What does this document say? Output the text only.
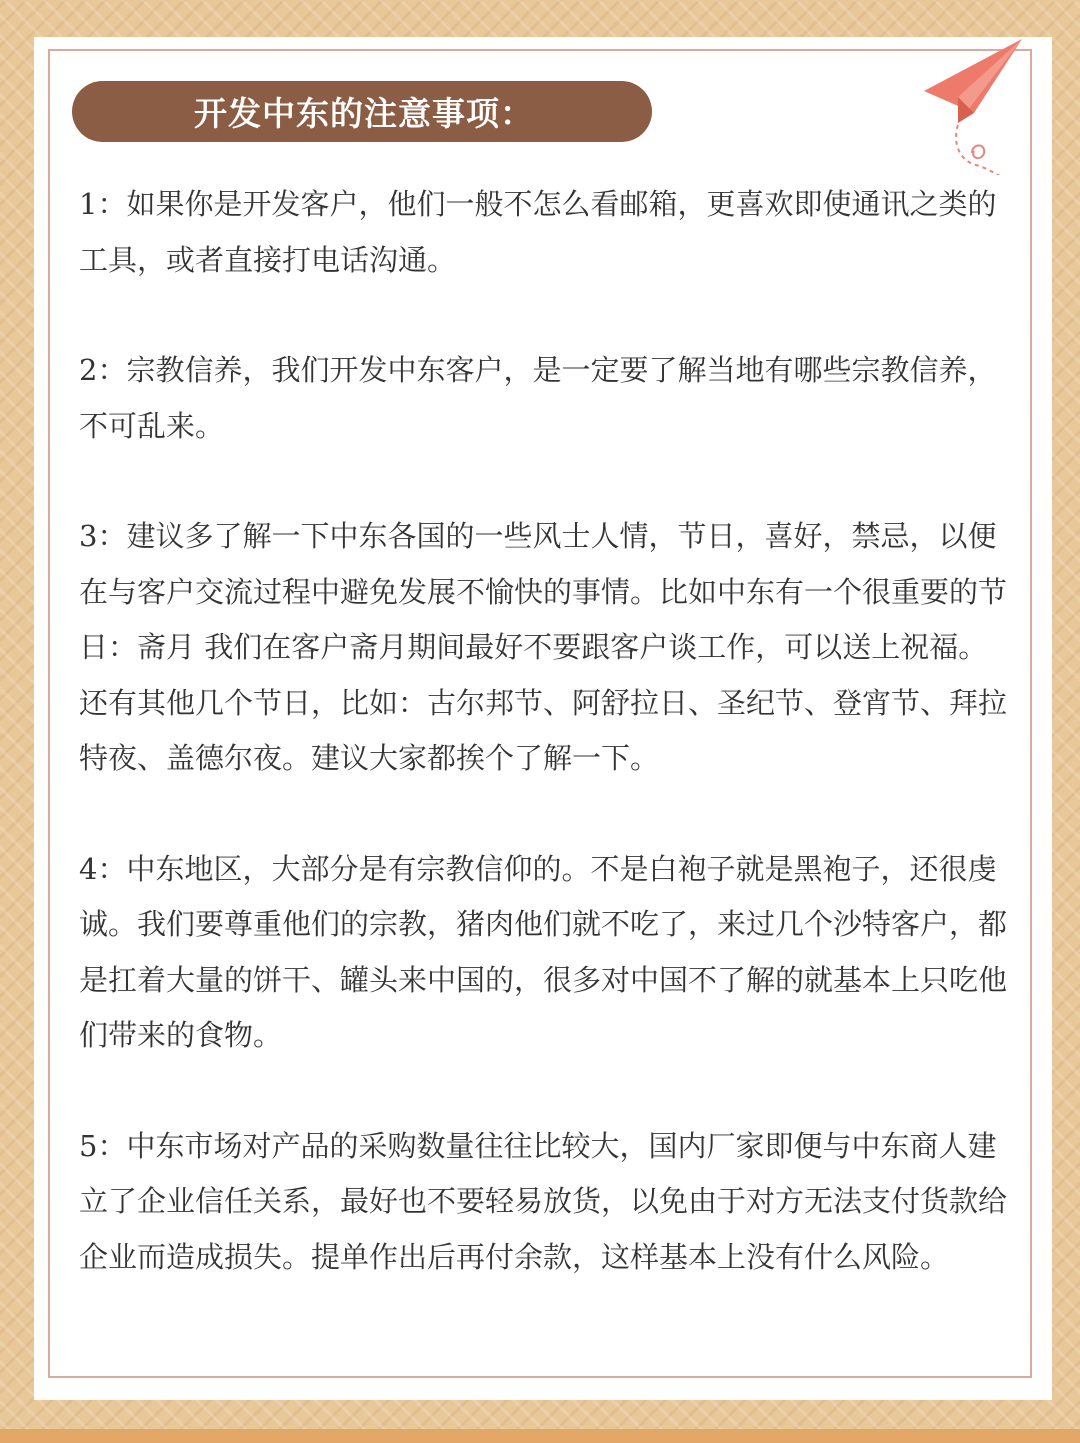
开发中东的注意事项：

1：如果你是开发客户，他们一般不怎么看邮箱，更喜欢即使通讯之类的工具，或者直接打电话沟通。

2：宗教信养，我们开发中东客户，是一定要了解当地有哪些宗教信养，不可乱来。

3：建议多了解一下中东各国的一些风士人情，节日，喜好，禁忌，以便在与客户交流过程中避免发展不愉快的事情。比如中东有一个很重要的节日：斋月 我们在客户斋月期间最好不要跟客户谈工作，可以送上祝福。还有其他几个节日，比如：古尔邦节、阿舒拉日、圣纪节、登宵节、拜拉特夜、盖德尔夜。建议大家都挨个了解一下。

4：中东地区，大部分是有宗教信仰的。不是白袍子就是黑袍子，还很虔诚。我们要尊重他们的宗教，猪肉他们就不吃了，来过几个沙特客户，都是扛着大量的饼干、罐头来中国的，很多对中国不了解的就基本上只吃他们带来的食物。

5：中东市场对产品的采购数量往往比较大，国内厂家即便与中东商人建立了企业信任关系，最好也不要轻易放货，以免由于对方无法支付货款给企业而造成损失。提单作出后再付余款，这样基本上没有什么风险。
